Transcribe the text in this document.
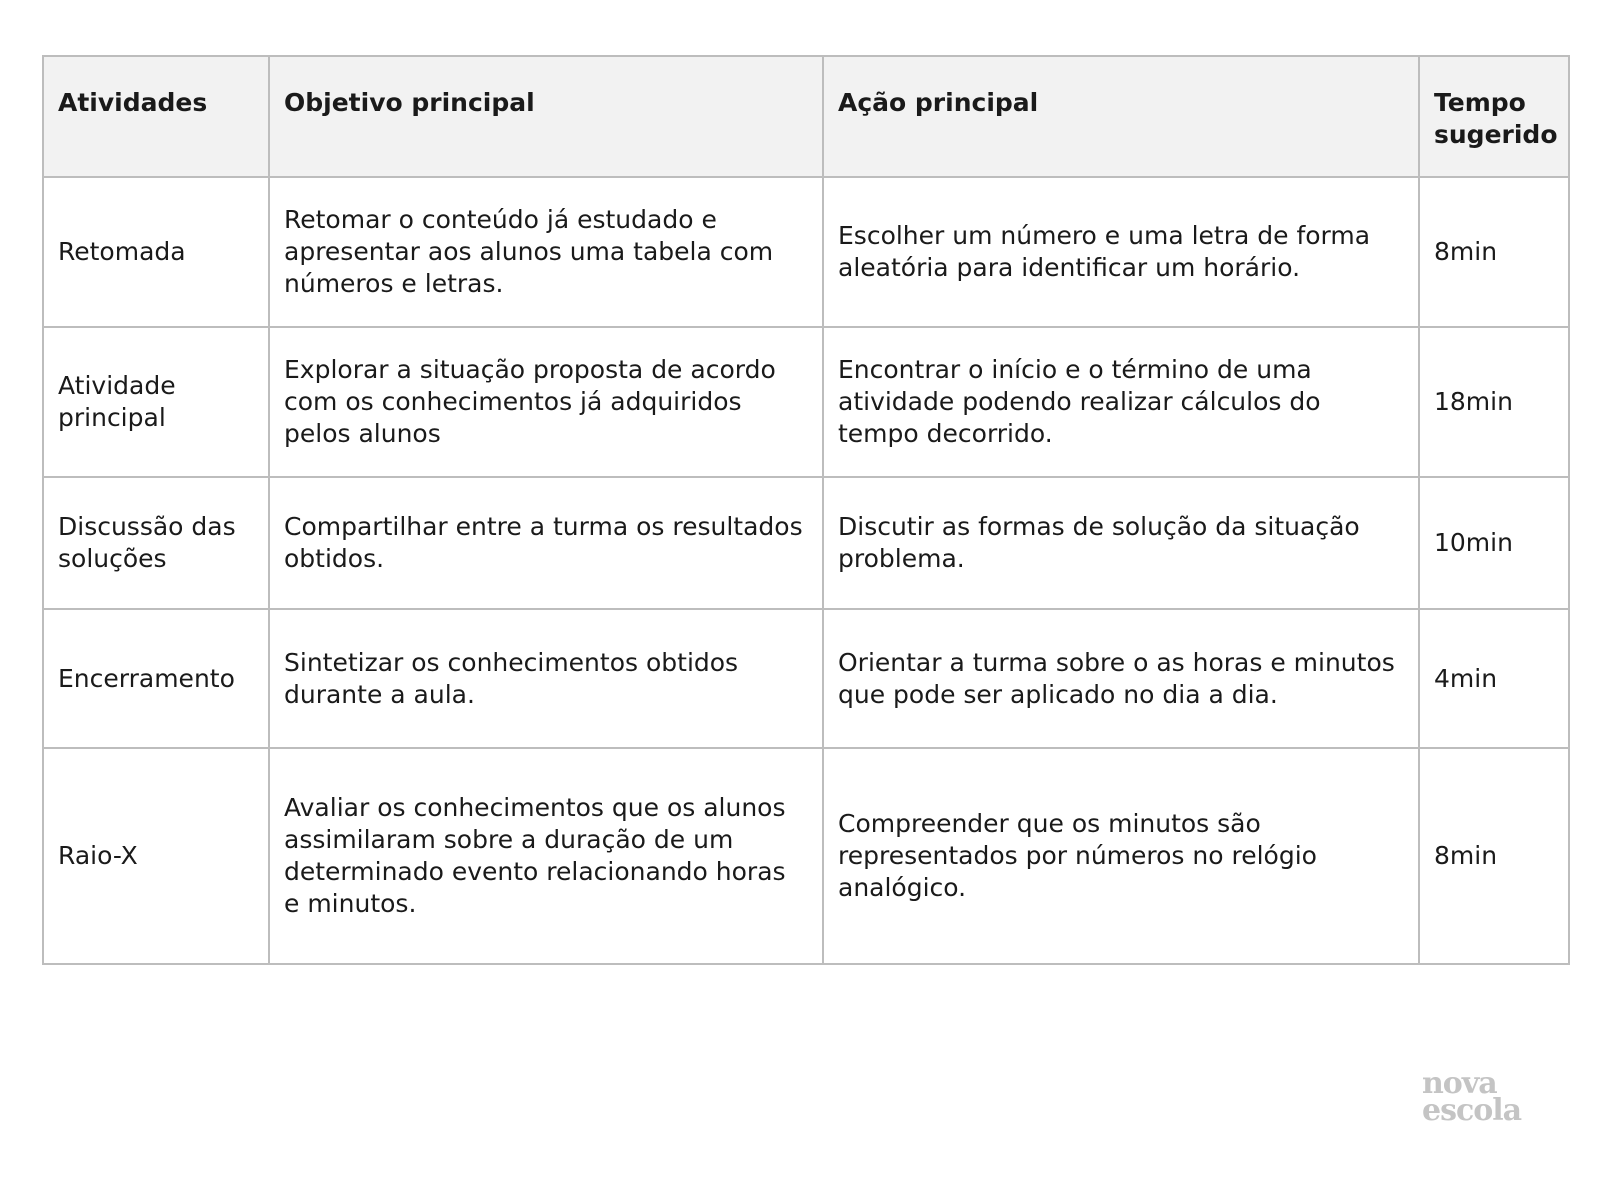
Atividades	Objetivo principal	Ação principal	Tempo sugerido
Retomada	Retomar o conteúdo já estudado e apresentar aos alunos uma tabela com números e letras.	Escolher um número e uma letra de forma aleatória para identificar um horário.	8min
Atividade principal	Explorar a situação proposta de acordo com os conhecimentos já adquiridos pelos alunos	Encontrar o início e o término de uma atividade podendo realizar cálculos do tempo decorrido.	18min
Discussão das soluções	Compartilhar entre a turma os resultados obtidos.	Discutir as formas de solução da situação problema.	10min
Encerramento	Sintetizar os conhecimentos obtidos durante a aula.	Orientar a turma sobre o as horas e minutos que pode ser aplicado no dia a dia.	4min
Raio-X	Avaliar os conhecimentos que os alunos assimilaram sobre a duração de um determinado evento relacionando horas e minutos.	Compreender que os minutos são representados por números no relógio analógico.	8min
nova
escola
